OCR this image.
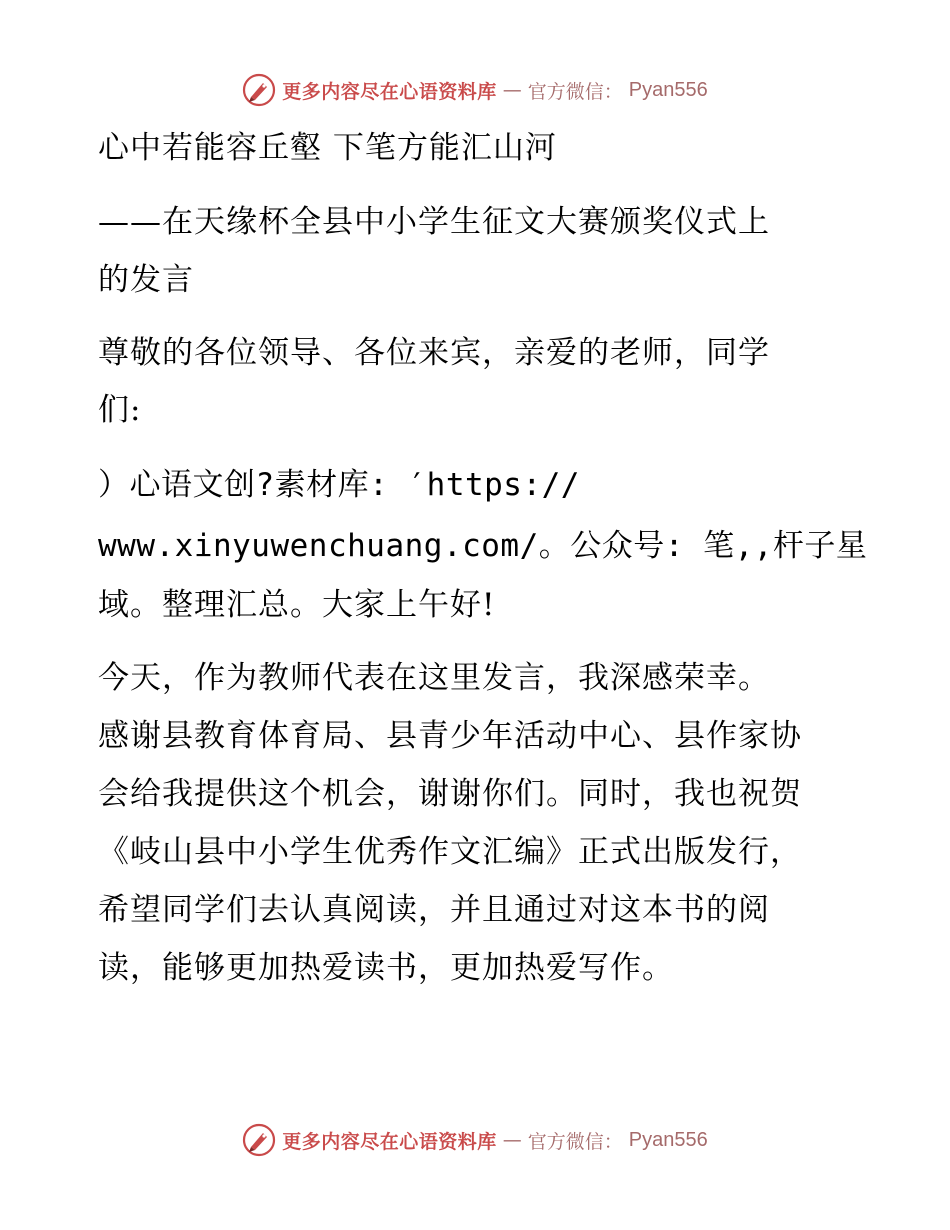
更多内容尽在心语资料库 — 官方微信： Pyan556
心中若能容丘壑 下笔方能汇山河
——在天缘杯全县中小学生征文大赛颁奖仪式上
的发言
尊敬的各位领导、各位来宾，亲爱的老师，同学
们:
）心语文创?素材库: ′https://
www.xinyuwenchuang.com/。公众号: 笔,,杆子星
域。整理汇总。大家上午好!
今天，作为教师代表在这里发言，我深感荣幸。
感谢县教育体育局、县青少年活动中心、县作家协
会给我提供这个机会，谢谢你们。同时，我也祝贺
《岐山县中小学生优秀作文汇编》正式出版发行，
希望同学们去认真阅读，并且通过对这本书的阅
读，能够更加热爱读书，更加热爱写作。
更多内容尽在心语资料库 — 官方微信： Pyan556
